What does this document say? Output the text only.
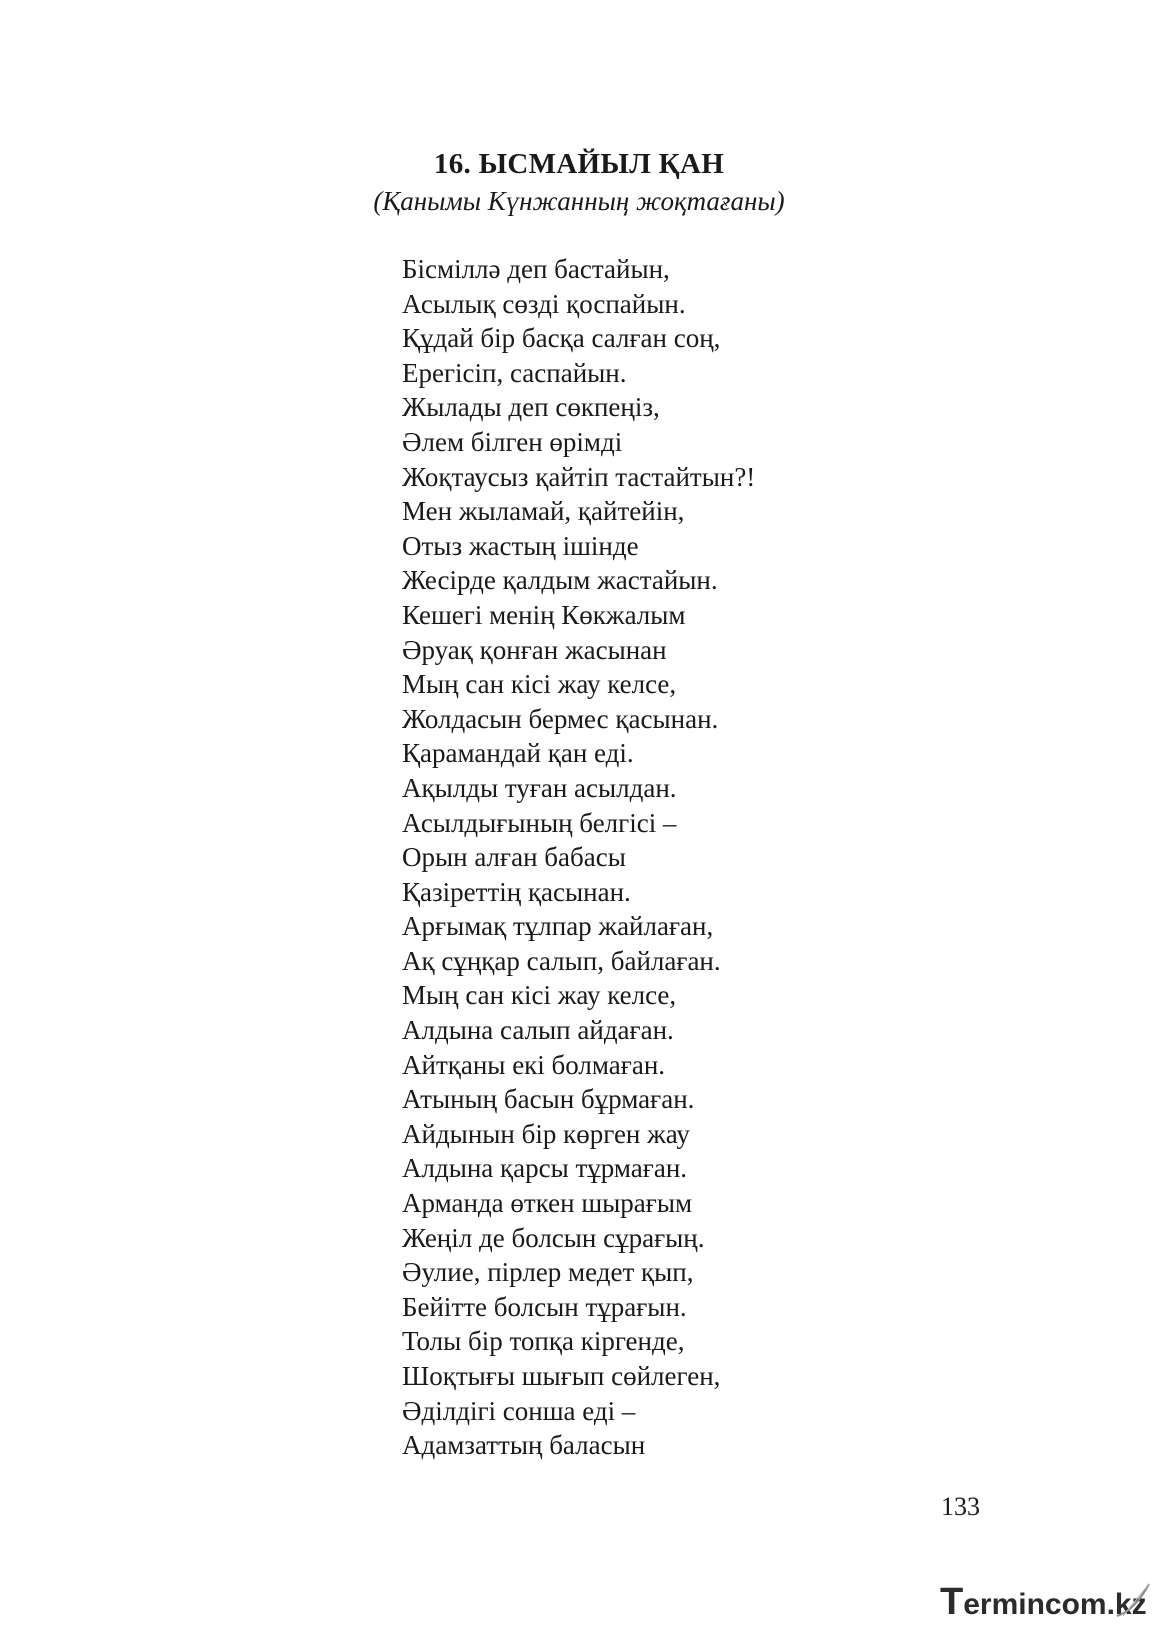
16. ЫСМАЙЫЛ ҚАН
(Қанымы Күнжанның жоқтағаны)
Бісміллә деп бастайын,
Асылық сөзді қоспайын.
Құдай бір басқа салған соң,
Ерегісіп, саспайын.
Жылады деп сөкпеңіз,
Әлем білген өрімді
Жоқтаусыз қайтіп тастайтын?!
Мен жыламай, қайтейін,
Отыз жастың ішінде
Жесірде қалдым жастайын.
Кешегі менің Көкжалым
Әруақ қонған жасынан
Мың сан кісі жау келсе,
Жолдасын бермес қасынан.
Қарамандай қан еді.
Ақылды туған асылдан.
Асылдығының белгісі –
Орын алған бабасы
Қазіреттің қасынан.
Арғымақ тұлпар жайлаған,
Ақ сұңқар салып, байлаған.
Мың сан кісі жау келсе,
Алдына салып айдаған.
Айтқаны екі болмаған.
Атының басын бұрмаған.
Айдынын бір көрген жау
Алдына қарсы тұрмаған.
Арманда өткен шырағым
Жеңіл де болсын сұрағың.
Әулие, пірлер медет қып,
Бейітте болсын тұрағын.
Толы бір топқа кіргенде,
Шоқтығы шығып сөйлеген,
Әділдігі сонша еді –
Адамзаттың баласын
133
Termincom.kz
